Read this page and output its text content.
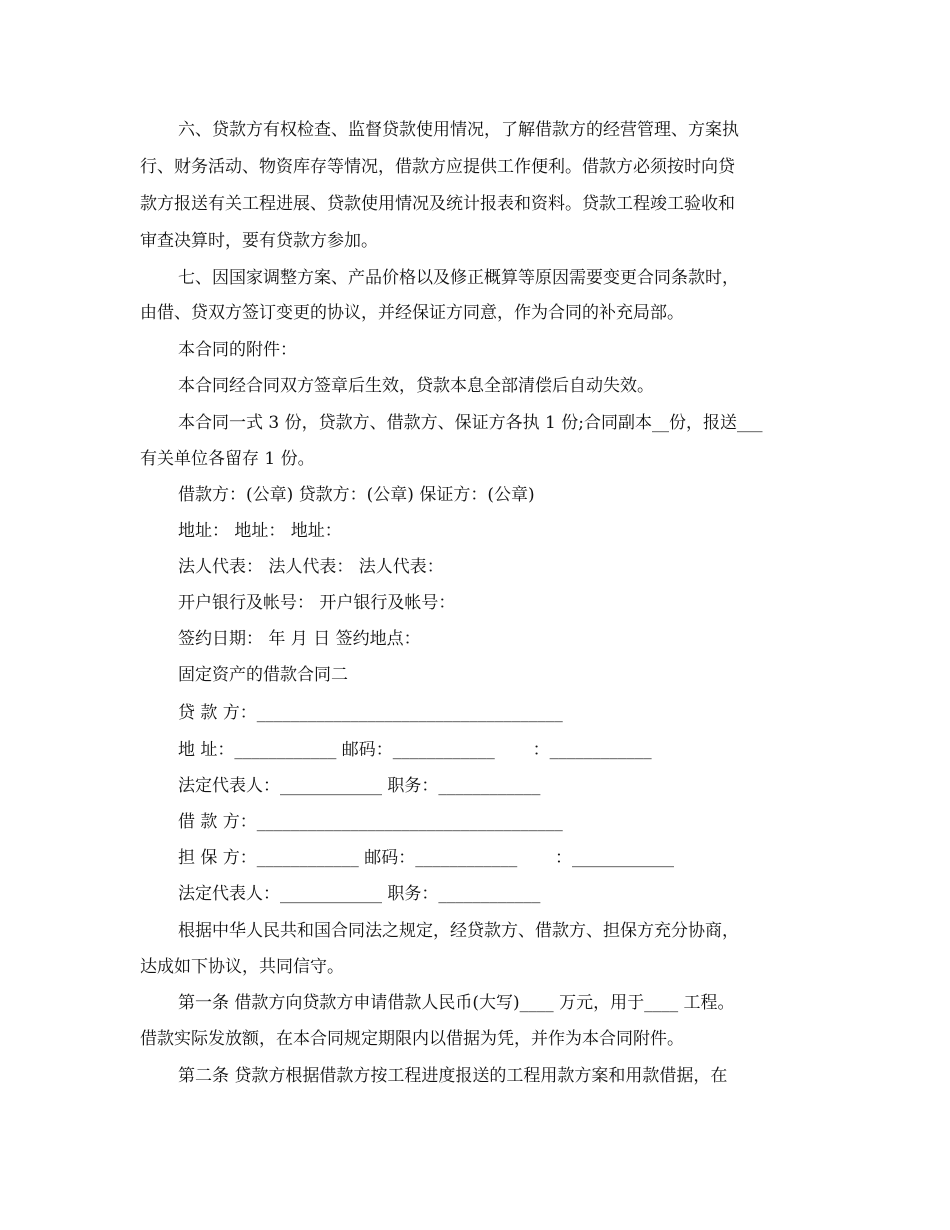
六、贷款方有权检查、监督贷款使用情况，了解借款方的经营管理、方案执
行、财务活动、物资库存等情况，借款方应提供工作便利。借款方必须按时向贷
款方报送有关工程进展、贷款使用情况及统计报表和资料。贷款工程竣工验收和
审查决算时，要有贷款方参加。
七、因国家调整方案、产品价格以及修正概算等原因需要变更合同条款时，
由借、贷双方签订变更的协议，并经保证方同意，作为合同的补充局部。
本合同的附件：
本合同经合同双方签章后生效，贷款本息全部清偿后自动失效。
本合同一式 3 份，贷款方、借款方、保证方各执 1 份;合同副本__份，报送___
有关单位各留存 1 份。
借款方：(公章) 贷款方：(公章) 保证方：(公章)
地址： 地址： 地址：
法人代表： 法人代表： 法人代表：
开户银行及帐号： 开户银行及帐号：
签约日期： 年 月 日 签约地点：
固定资产的借款合同二
贷 款 方：____________________________________
地 址：____________ 邮码：____________       ：____________
法定代表人：____________ 职务：____________
借 款 方：____________________________________
担 保 方：____________ 邮码：____________       ：____________
法定代表人：____________ 职务：____________
根据中华人民共和国合同法之规定，经贷款方、借款方、担保方充分协商，
达成如下协议，共同信守。
第一条 借款方向贷款方申请借款人民币(大写)____ 万元，用于____ 工程。
借款实际发放额，在本合同规定期限内以借据为凭，并作为本合同附件。
第二条 贷款方根据借款方按工程进度报送的工程用款方案和用款借据，在
